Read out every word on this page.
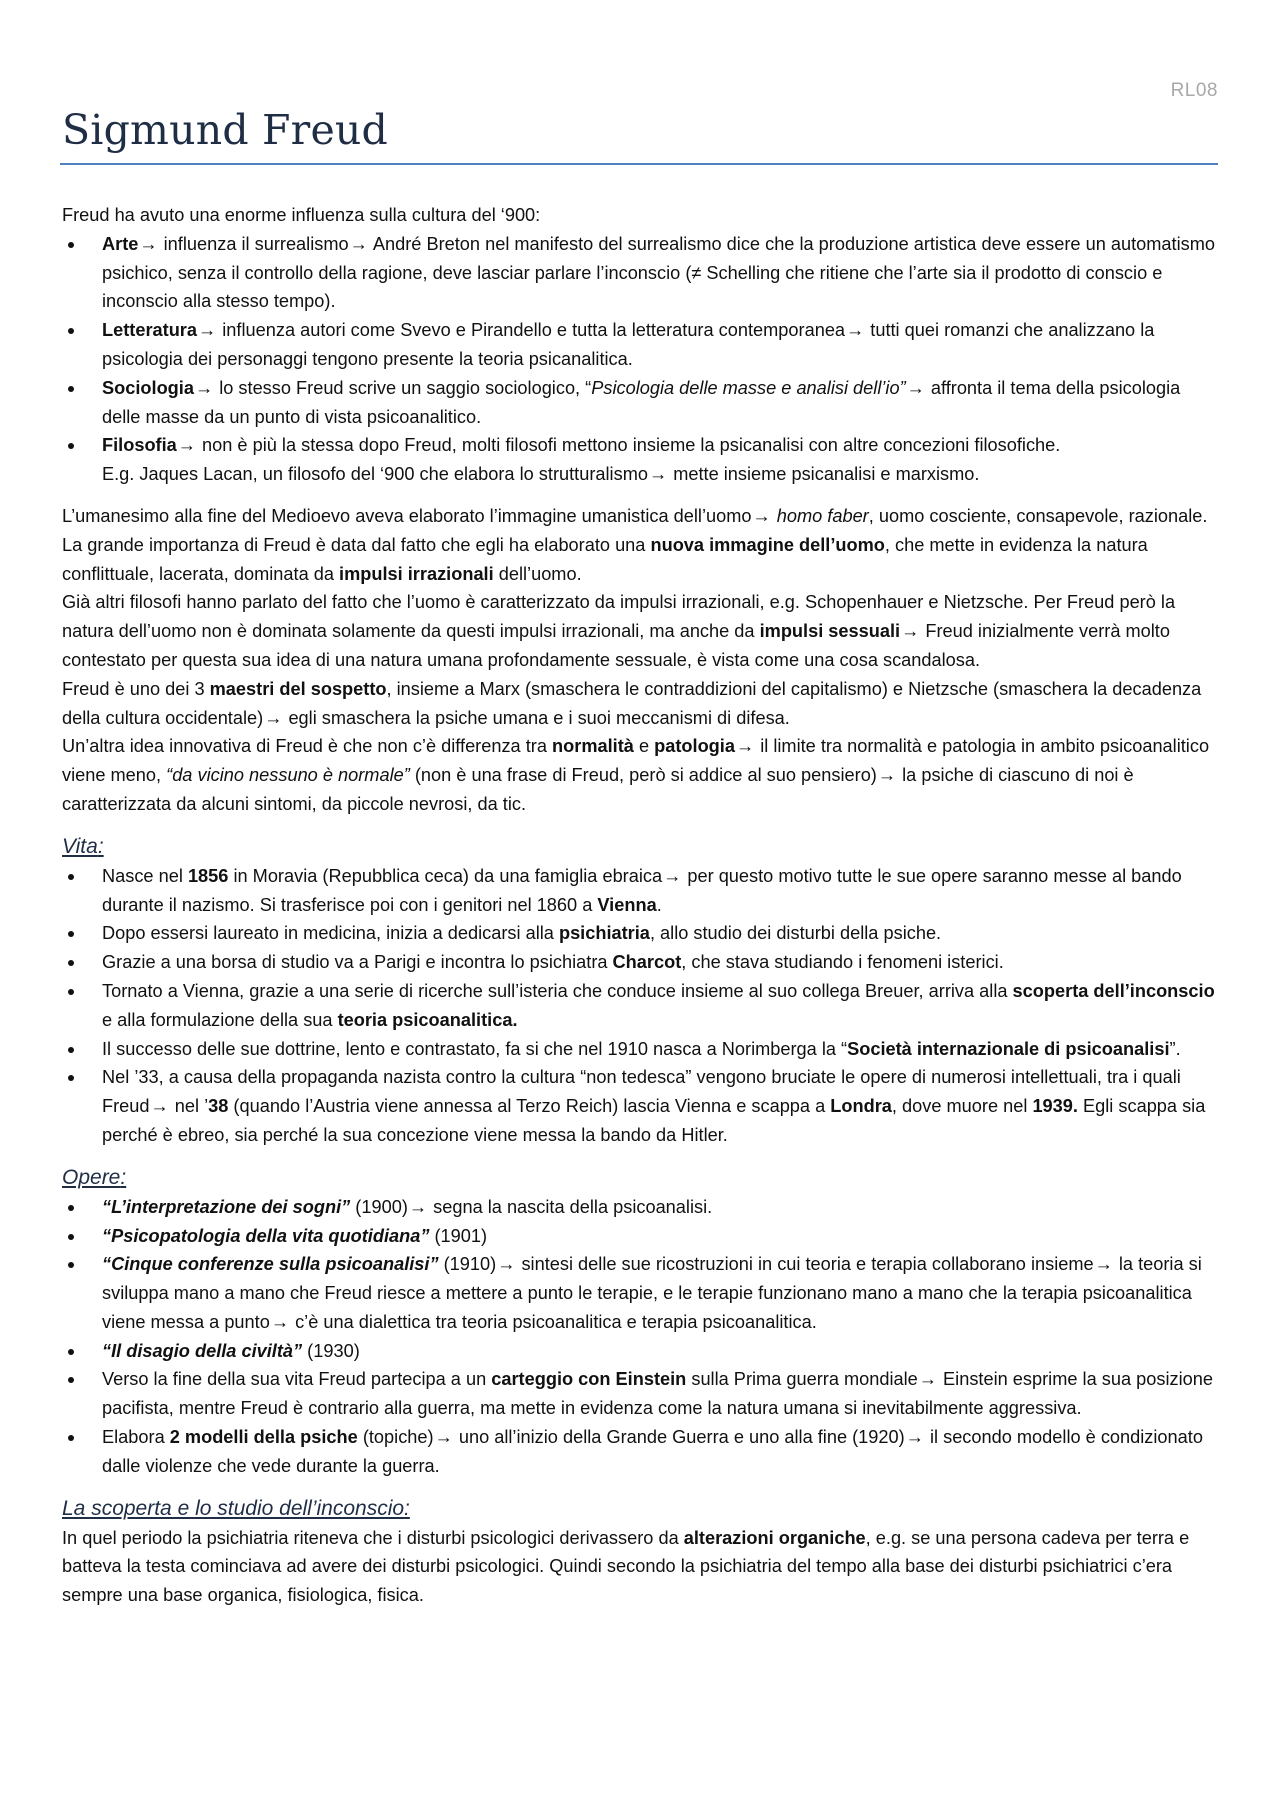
RL08
Sigmund Freud

Freud ha avuto una enorme influenza sulla cultura del ‘900:

Arte→ influenza il surrealismo→ André Breton nel manifesto del surrealismo dice che la produzione artistica deve essere un automatismo psichico, senza il controllo della ragione, deve lasciar parlare l’inconscio (≠ Schelling che ritiene che l’arte sia il prodotto di conscio e inconscio alla stesso tempo).
Letteratura→ influenza autori come Svevo e Pirandello e tutta la letteratura contemporanea→ tutti quei romanzi che analizzano la psicologia dei personaggi tengono presente la teoria psicanalitica.
Sociologia→ lo stesso Freud scrive un saggio sociologico, “Psicologia delle masse e analisi dell’io”→ affronta il tema della psicologia delle masse da un punto di vista psicoanalitico.
Filosofia→ non è più la stessa dopo Freud, molti filosofi mettono insieme la psicanalisi con altre concezioni filosofiche.
E.g. Jaques Lacan, un filosofo del ‘900 che elabora lo strutturalismo→ mette insieme psicanalisi e marxismo.

L’umanesimo alla fine del Medioevo aveva elaborato l’immagine umanistica dell’uomo→ homo faber, uomo cosciente, consapevole, razionale. La grande importanza di Freud è data dal fatto che egli ha elaborato una nuova immagine dell’uomo, che mette in evidenza la natura conflittuale, lacerata, dominata da impulsi irrazionali dell’uomo.

Già altri filosofi hanno parlato del fatto che l’uomo è caratterizzato da impulsi irrazionali, e.g. Schopenhauer e Nietzsche. Per Freud però la natura dell’uomo non è dominata solamente da questi impulsi irrazionali, ma anche da impulsi sessuali→ Freud inizialmente verrà molto contestato per questa sua idea di una natura umana profondamente sessuale, è vista come una cosa scandalosa.

Freud è uno dei 3 maestri del sospetto, insieme a Marx (smaschera le contraddizioni del capitalismo) e Nietzsche (smaschera la decadenza della cultura occidentale)→ egli smaschera la psiche umana e i suoi meccanismi di difesa.

Un’altra idea innovativa di Freud è che non c’è differenza tra normalità e patologia→ il limite tra normalità e patologia in ambito psicoanalitico viene meno, “da vicino nessuno è normale” (non è una frase di Freud, però si addice al suo pensiero)→ la psiche di ciascuno di noi è caratterizzata da alcuni sintomi, da piccole nevrosi, da tic.

Vita:

Nasce nel 1856 in Moravia (Repubblica ceca) da una famiglia ebraica→ per questo motivo tutte le sue opere saranno messe al bando durante il nazismo. Si trasferisce poi con i genitori nel 1860 a Vienna.
Dopo essersi laureato in medicina, inizia a dedicarsi alla psichiatria, allo studio dei disturbi della psiche.
Grazie a una borsa di studio va a Parigi e incontra lo psichiatra Charcot, che stava studiando i fenomeni isterici.
Tornato a Vienna, grazie a una serie di ricerche sull’isteria che conduce insieme al suo collega Breuer, arriva alla scoperta dell’inconscio e alla formulazione della sua teoria psicoanalitica.
Il successo delle sue dottrine, lento e contrastato, fa si che nel 1910 nasca a Norimberga la “Società internazionale di psicoanalisi”.
Nel ’33, a causa della propaganda nazista contro la cultura “non tedesca” vengono bruciate le opere di numerosi intellettuali, tra i quali Freud→ nel ’38 (quando l’Austria viene annessa al Terzo Reich) lascia Vienna e scappa a Londra, dove muore nel 1939. Egli scappa sia perché è ebreo, sia perché la sua concezione viene messa la bando da Hitler.

Opere:

“L’interpretazione dei sogni” (1900)→ segna la nascita della psicoanalisi.
“Psicopatologia della vita quotidiana” (1901)
“Cinque conferenze sulla psicoanalisi” (1910)→ sintesi delle sue ricostruzioni in cui teoria e terapia collaborano insieme→ la teoria si sviluppa mano a mano che Freud riesce a mettere a punto le terapie, e le terapie funzionano mano a mano che la terapia psicoanalitica viene messa a punto→ c’è una dialettica tra teoria psicoanalitica e terapia psicoanalitica.
“Il disagio della civiltà” (1930)
Verso la fine della sua vita Freud partecipa a un carteggio con Einstein sulla Prima guerra mondiale→ Einstein esprime la sua posizione pacifista, mentre Freud è contrario alla guerra, ma mette in evidenza come la natura umana si inevitabilmente aggressiva.
Elabora 2 modelli della psiche (topiche)→ uno all’inizio della Grande Guerra e uno alla fine (1920)→ il secondo modello è condizionato dalle violenze che vede durante la guerra.

La scoperta e lo studio dell’inconscio:

In quel periodo la psichiatria riteneva che i disturbi psicologici derivassero da alterazioni organiche, e.g. se una persona cadeva per terra e batteva la testa cominciava ad avere dei disturbi psicologici. Quindi secondo la psichiatria del tempo alla base dei disturbi psichiatrici c’era sempre una base organica, fisiologica, fisica.
